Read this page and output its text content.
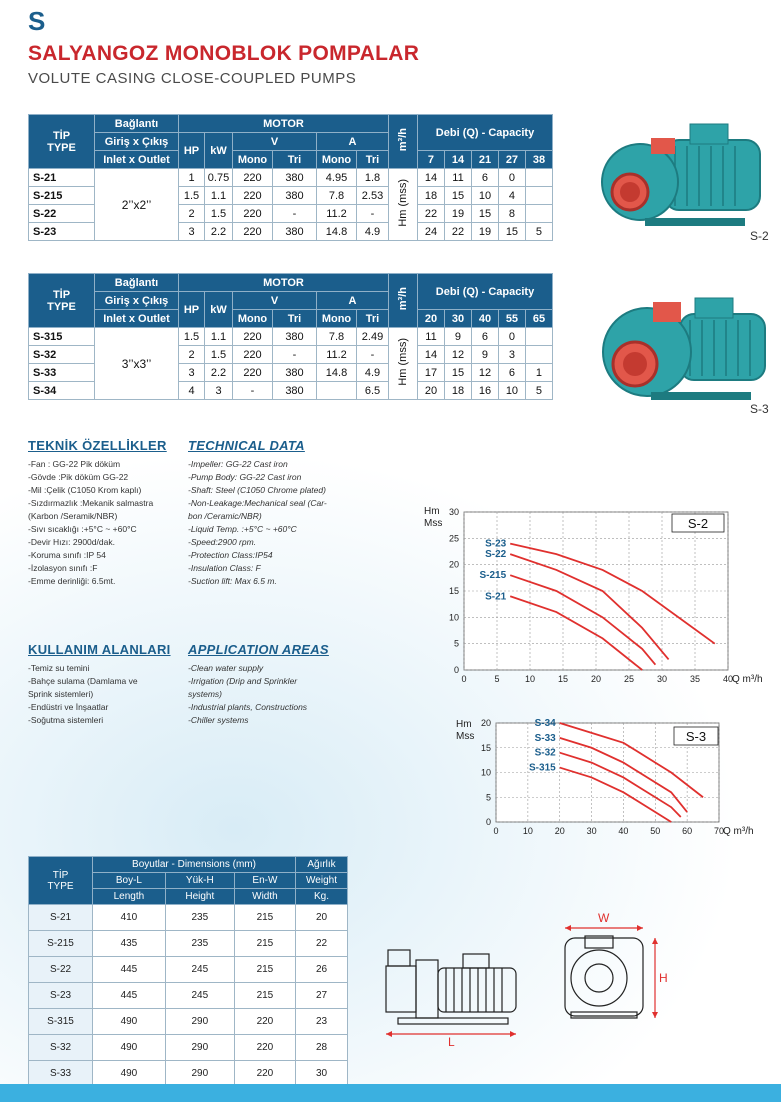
S
SALYANGOZ MONOBLOK POMPALAR
VOLUTE CASING CLOSE-COUPLED PUMPS
TİP
TYPE	Bağlantı	MOTOR						m³/h	Debi (Q) - Capacity				
	Giriş x Çıkış	HP	kW	V		A							
	Inlet x Outlet			Mono	Tri	Mono	Tri		7	14	21	27	38
S-21	2’’x2’’	1	0.75	220	380	4.95	1.8	Hm (mss)	14	11	6	0	
S-215		1.5	1.1	220	380	7.8	2.53		18	15	10	4	
S-22		2	1.5	220	-	11.2	-		22	19	15	8	
S-23		3	2.2	220	380	14.8	4.9		24	22	19	15	5
TİP
TYPE	Bağlantı	MOTOR						m³/h	Debi (Q) - Capacity				
	Giriş x Çıkış	HP	kW	V		A							
	Inlet x Outlet			Mono	Tri	Mono	Tri		20	30	40	55	65
S-315	3’’x3’’	1.5	1.1	220	380	7.8	2.49	Hm (mss)	11	9	6	0	
S-32		2	1.5	220	-	11.2	-		14	12	9	3	
S-33		3	2.2	220	380	14.8	4.9		17	15	12	6	1
S-34		4	3	-	380		6.5		20	18	16	10	5
S-2
S-3
TEKNİK ÖZELLİKLER TECHNICAL DATA
-Fan : GG-22 Pik döküm
-Gövde :Pik döküm GG-22
-Mil :Çelik (C1050 Krom kaplı)
-Sızdırmazlık :Mekanik salmastra
(Karbon /Seramik/NBR)
-Sıvı sıcaklığı :+5°C ~ +60°C
-Devir Hızı: 2900d/dak.
-Koruma sınıfı :IP 54
-İzolasyon sınıfı :F
-Emme derinliği: 6.5mt.
-Impeller: GG-22 Cast iron
-Pump Body: GG-22 Cast iron
-Shaft: Steel (C1050 Chrome plated)
-Non-Leakage:Mechanical seal (Car-
bon /Ceramic/NBR)
-Liquid Temp. :+5°C ~ +60°C
-Speed:2900 rpm.
-Protection Class:IP54
-Insulation Class: F
-Suction lift: Max 6.5 m.
KULLANIM ALANLARI APPLICATION AREAS
-Temiz su temini
-Bahçe sulama (Damlama ve
Sprink sistemleri)
-Endüstri ve İnşaatlar
-Soğutma sistemleri
-Clean water supply
-Irrigation (Drip and Sprinkler
systems)
-Industrial plants, Constructions
-Chiller systems
0	5	10	15	20	25	30	35	40
0
5
10
15
20
25
30
Hm
Mss
Q m³/h
S-2
S-23
S-22
S-215
S-21
0	10 20 30 40 50 60 70
0
5
10
15
20
Hm
Mss
Q m³/h
S-3
S-34
S-33
S-32
S-315
TİP
TYPE	Boyutlar - Dimensions (mm)			Ağırlık
	Boy-L	Yük-H	En-W	Weight
	Length	Height	Width	Kg.
S-21	410	235	215	20
S-215	435	235	215	22
S-22	445	245	215	26
S-23	445	245	215	27
S-315	490	290	220	23
S-32	490	290	220	28
S-33	490	290	220	30

L
W
H
